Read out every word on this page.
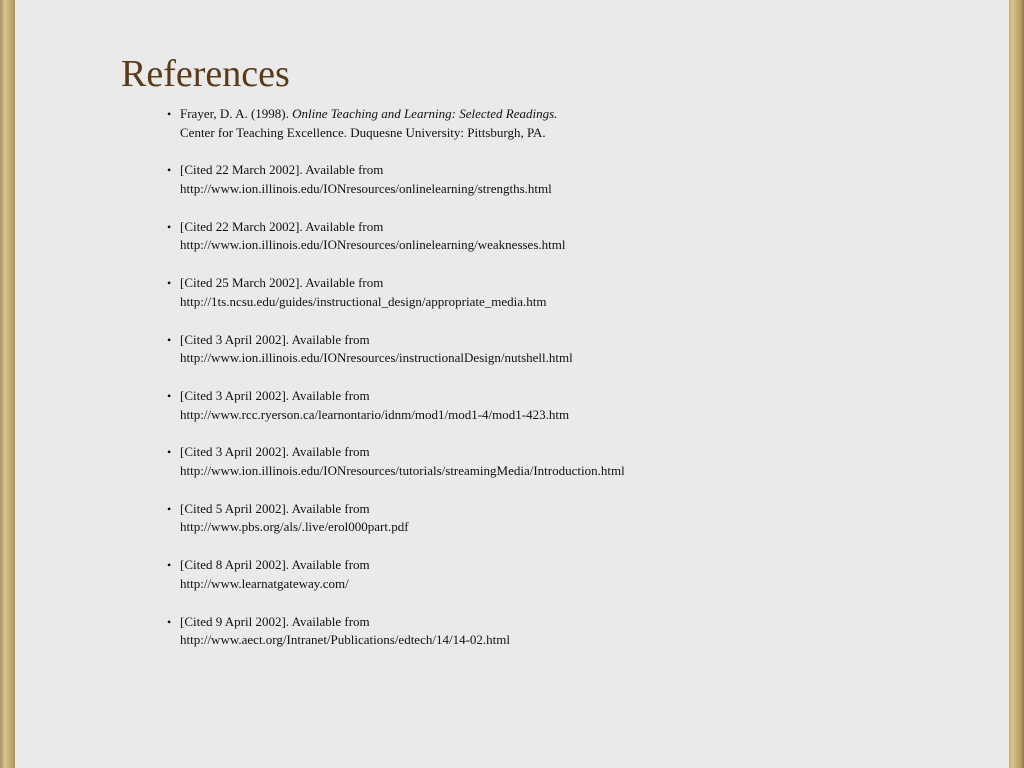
References
• Frayer, D. A. (1998). Online Teaching and Learning: Selected Readings.
Center for Teaching Excellence. Duquesne University: Pittsburgh, PA.
• [Cited 22 March 2002]. Available from
http://www.ion.illinois.edu/IONresources/onlinelearning/strengths.html
• [Cited 22 March 2002]. Available from
http://www.ion.illinois.edu/IONresources/onlinelearning/weaknesses.html
• [Cited 25 March 2002]. Available from
http://1ts.ncsu.edu/guides/instructional_design/appropriate_media.htm
• [Cited 3 April 2002]. Available from
http://www.ion.illinois.edu/IONresources/instructionalDesign/nutshell.html
• [Cited 3 April 2002]. Available from
http://www.rcc.ryerson.ca/learnontario/idnm/mod1/mod1-4/mod1-423.htm
• [Cited 3 April 2002]. Available from
http://www.ion.illinois.edu/IONresources/tutorials/streamingMedia/Introduction.html
• [Cited 5 April 2002]. Available from
http://www.pbs.org/als/.live/erol000part.pdf
• [Cited 8 April 2002]. Available from
http://www.learnatgateway.com/
• [Cited 9 April 2002]. Available from
http://www.aect.org/Intranet/Publications/edtech/14/14-02.html
